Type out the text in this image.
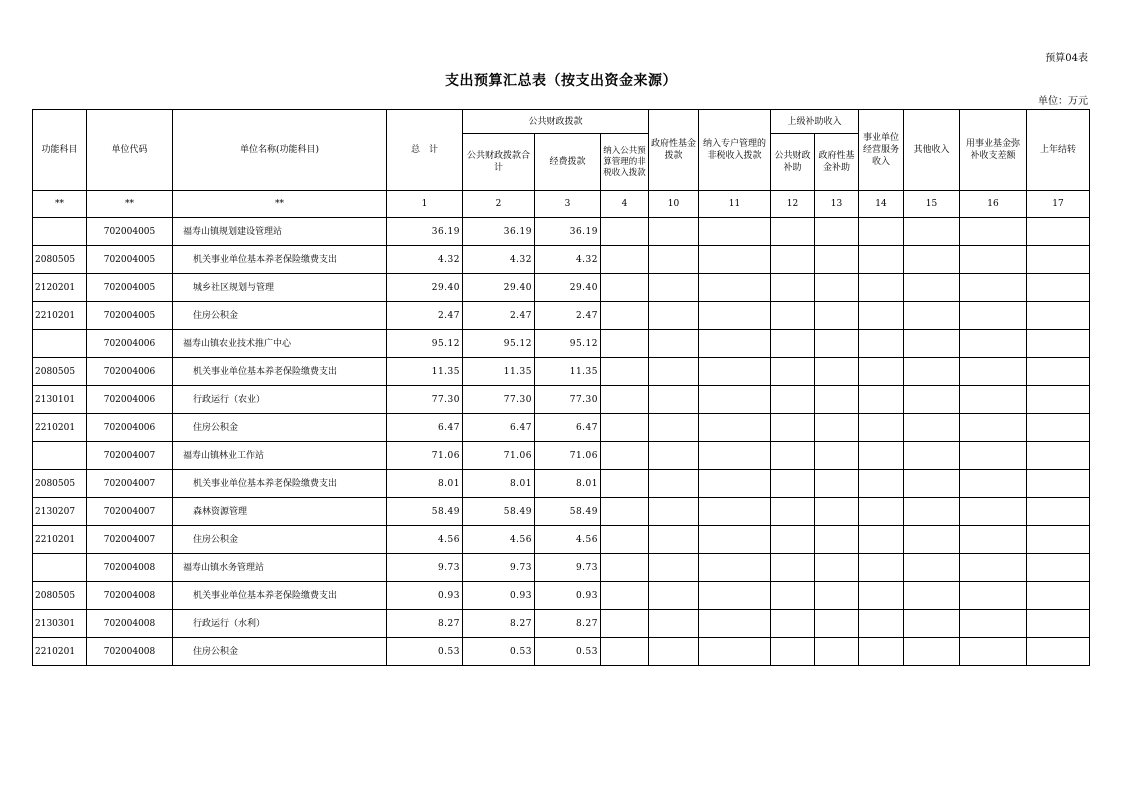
预算04表
支出预算汇总表（按支出资金来源）
单位：万元
功能科目	单位代码	单位名称(功能科目)	总　计	公共财政拨款			政府性基金拨款	纳入专户管理的非税收入拨款	上级补助收入		事业单位经营服务收入	其他收入	用事业基金弥补收支差额	上年结转
				公共财政拨款合计	经费拨款	纳入公共预算管理的非税收入拨款			公共财政补助	政府性基金补助				
**	**	**	1	2	3	4	10	11	12	13	14	15	16	17
	702004005	福寿山镇规划建设管理站	36.19	36.19	36.19									
2080505	702004005	机关事业单位基本养老保险缴费支出	4.32	4.32	4.32									
2120201	702004005	城乡社区规划与管理	29.40	29.40	29.40									
2210201	702004005	住房公积金	2.47	2.47	2.47									
	702004006	福寿山镇农业技术推广中心	95.12	95.12	95.12									
2080505	702004006	机关事业单位基本养老保险缴费支出	11.35	11.35	11.35									
2130101	702004006	行政运行（农业）	77.30	77.30	77.30									
2210201	702004006	住房公积金	6.47	6.47	6.47									
	702004007	福寿山镇林业工作站	71.06	71.06	71.06									
2080505	702004007	机关事业单位基本养老保险缴费支出	8.01	8.01	8.01									
2130207	702004007	森林资源管理	58.49	58.49	58.49									
2210201	702004007	住房公积金	4.56	4.56	4.56									
	702004008	福寿山镇水务管理站	9.73	9.73	9.73									
2080505	702004008	机关事业单位基本养老保险缴费支出	0.93	0.93	0.93									
2130301	702004008	行政运行（水利）	8.27	8.27	8.27									
2210201	702004008	住房公积金	0.53	0.53	0.53									
